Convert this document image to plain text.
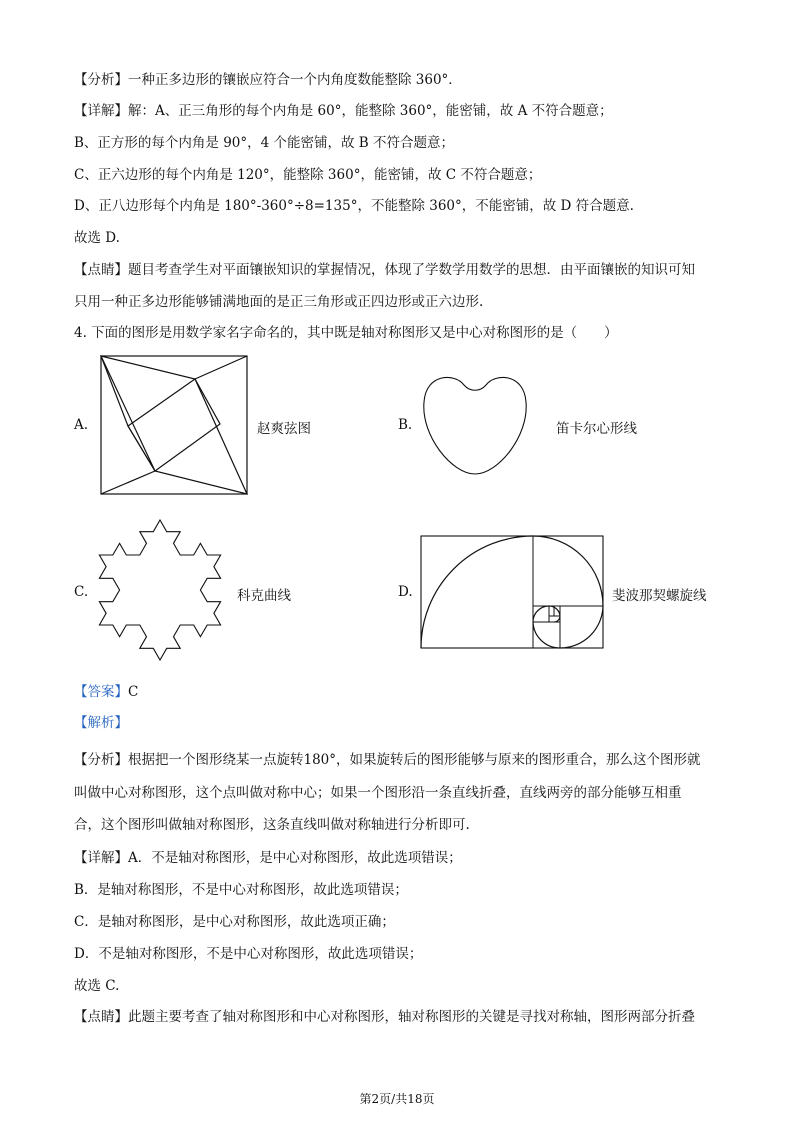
【分析】一种正多边形的镶嵌应符合一个内角度数能整除 360°．
【详解】解：A、正三角形的每个内角是 60°，能整除 360°，能密铺，故 A 不符合题意；
B、正方形的每个内角是 90°，4 个能密铺，故 B 不符合题意；
C、正六边形的每个内角是 120°，能整除 360°，能密铺，故 C 不符合题意；
D、正八边形每个内角是 180°-360°÷8=135°，不能整除 360°，不能密铺，故 D 符合题意.
故选 D.
【点睛】题目考查学生对平面镶嵌知识的掌握情况，体现了学数学用数学的思想．由平面镶嵌的知识可知
只用一种正多边形能够铺满地面的是正三角形或正四边形或正六边形.
4. 下面的图形是用数学家名字命名的，其中既是轴对称图形又是中心对称图形的是（　　）
A.	赵爽弦图	B.	笛卡尔心形线
C.	科克曲线	D.	斐波那契螺旋线
【答案】C
【解析】
【分析】根据把一个图形绕某一点旋转180°，如果旋转后的图形能够与原来的图形重合，那么这个图形就
叫做中心对称图形，这个点叫做对称中心；如果一个图形沿一条直线折叠，直线两旁的部分能够互相重
合，这个图形叫做轴对称图形，这条直线叫做对称轴进行分析即可.
【详解】A．不是轴对称图形，是中心对称图形，故此选项错误；
B．是轴对称图形，不是中心对称图形，故此选项错误；
C．是轴对称图形，是中心对称图形，故此选项正确；
D．不是轴对称图形，不是中心对称图形，故此选项错误；
故选 C.
【点睛】此题主要考查了轴对称图形和中心对称图形，轴对称图形的关键是寻找对称轴，图形两部分折叠
第2页/共18页
